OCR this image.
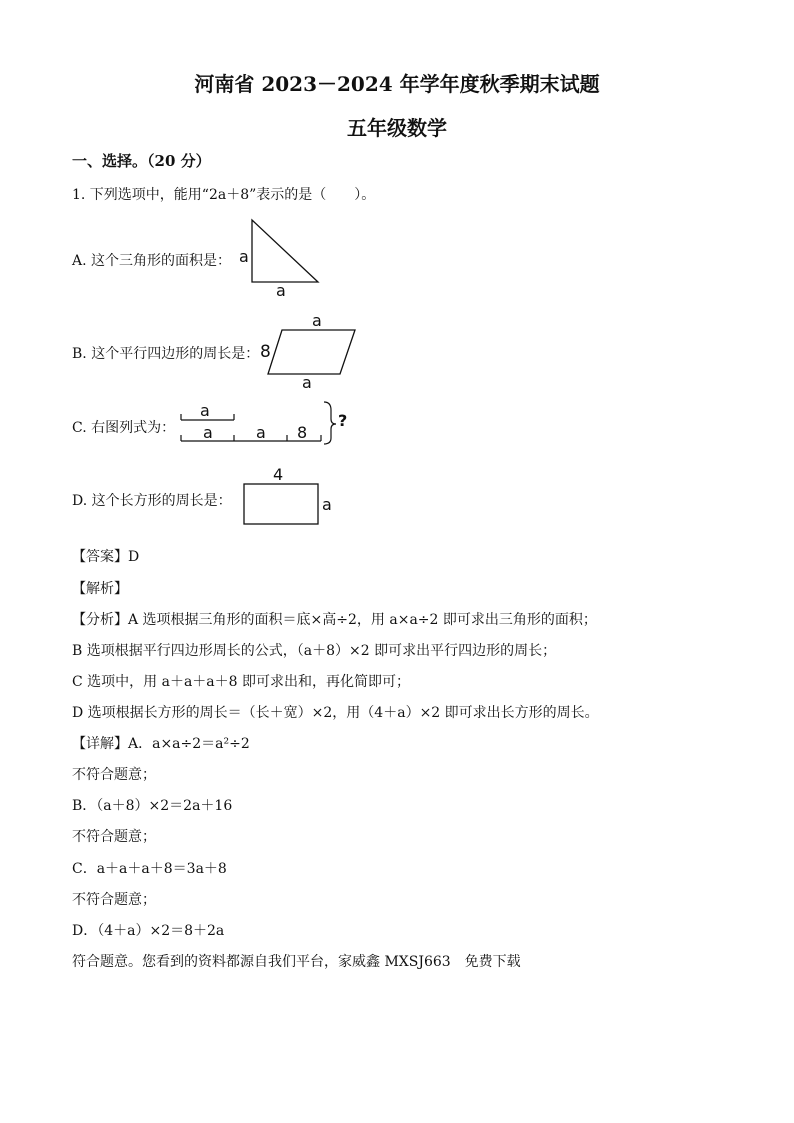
河南省 2023－2024 年学年度秋季期末试题
五年级数学
一、选择。（20 分）
1. 下列选项中，能用“2a＋8”表示的是（　　）。
A. 这个三角形的面积是： a
a
B. 这个平行四边形的周长是：
a
8
a
C. 右图列式为：
a
a	a 8
?
D. 这个长方形的周长是：
4
a
【答案】D
【解析】
【分析】A 选项根据三角形的面积＝底×高÷2，用 a×a÷2 即可求出三角形的面积；
B 选项根据平行四边形周长的公式，（a＋8）×2 即可求出平行四边形的周长；
C 选项中，用 a＋a＋a＋8 即可求出和，再化简即可；
D 选项根据长方形的周长＝（长＋宽）×2，用（4＋a）×2 即可求出长方形的周长。
【详解】A．a×a÷2＝a²÷2
不符合题意；
B．（a＋8）×2＝2a＋16
不符合题意；
C．a＋a＋a＋8＝3a＋8
不符合题意；
D．（4＋a）×2＝8＋2a
符合题意。您看到的资料都源自我们平台，家威鑫 MXSJ663　免费下载
